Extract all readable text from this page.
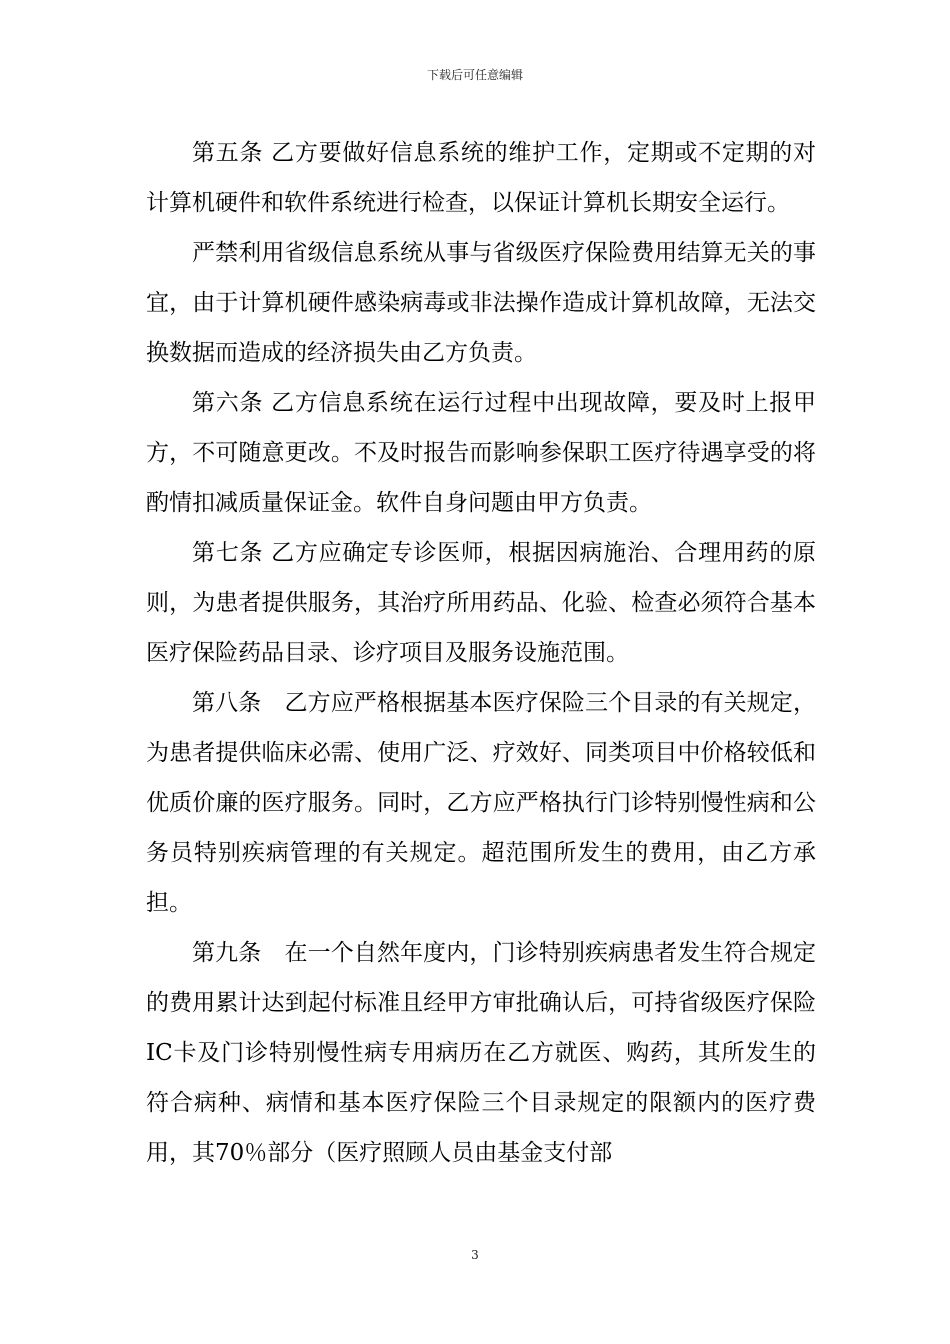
下载后可任意编辑

第五条 乙方要做好信息系统的维护工作，定期或不定期的对计算机硬件和软件系统进行检查，以保证计算机长期安全运行。

严禁利用省级信息系统从事与省级医疗保险费用结算无关的事宜，由于计算机硬件感染病毒或非法操作造成计算机故障，无法交换数据而造成的经济损失由乙方负责。

第六条 乙方信息系统在运行过程中出现故障，要及时上报甲方，不可随意更改。不及时报告而影响参保职工医疗待遇享受的将酌情扣减质量保证金。软件自身问题由甲方负责。

第七条 乙方应确定专诊医师，根据因病施治、合理用药的原则，为患者提供服务，其治疗所用药品、化验、检查必须符合基本医疗保险药品目录、诊疗项目及服务设施范围。

第八条　乙方应严格根据基本医疗保险三个目录的有关规定，为患者提供临床必需、使用广泛、疗效好、同类项目中价格较低和优质价廉的医疗服务。同时，乙方应严格执行门诊特别慢性病和公务员特别疾病管理的有关规定。超范围所发生的费用，由乙方承担。

第九条　在一个自然年度内，门诊特别疾病患者发生符合规定的费用累计达到起付标准且经甲方审批确认后，可持省级医疗保险IC卡及门诊特别慢性病专用病历在乙方就医、购药，其所发生的符合病种、病情和基本医疗保险三个目录规定的限额内的医疗费用，其70％部分（医疗照顾人员由基金支付部

3
